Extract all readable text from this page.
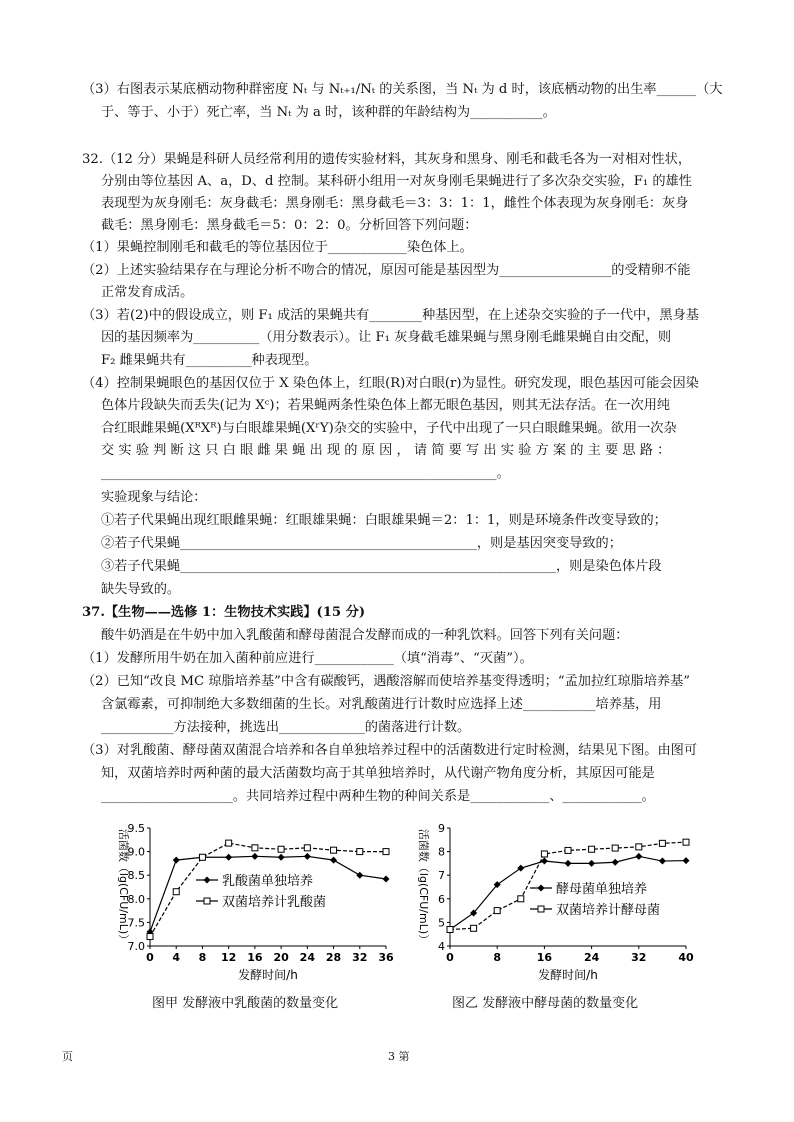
（3）右图表示某底栖动物种群密度 Nₜ 与 Nₜ₊₁/Nₜ 的关系图，当 Nₜ 为 d 时，该底栖动物的出生率______（大
于、等于、小于）死亡率，当 Nₜ 为 a 时，该种群的年龄结构为___________。
32.（12 分）果蝇是科研人员经常利用的遗传实验材料，其灰身和黑身、刚毛和截毛各为一对相对性状，
分别由等位基因 A、a，D、d 控制。某科研小组用一对灰身刚毛果蝇进行了多次杂交实验，F₁ 的雄性
表现型为灰身刚毛：灰身截毛：黑身刚毛：黑身截毛＝3：3：1：1，雌性个体表现为灰身刚毛：灰身
截毛：黑身刚毛：黑身截毛＝5：0：2：0。分析回答下列问题：
（1）果蝇控制刚毛和截毛的等位基因位于____________染色体上。
（2）上述实验结果存在与理论分析不吻合的情况，原因可能是基因型为_________________的受精卵不能
正常发育成活。
（3）若(2)中的假设成立，则 F₁ 成活的果蝇共有________种基因型，在上述杂交实验的子一代中，黑身基
因的基因频率为__________（用分数表示）。让 F₁ 灰身截毛雄果蝇与黑身刚毛雌果蝇自由交配，则
F₂ 雌果蝇共有__________种表现型。
（4）控制果蝇眼色的基因仅位于 X 染色体上，红眼(R)对白眼(r)为显性。研究发现，眼色基因可能会因染
色体片段缺失而丢失(记为 Xᶜ)；若果蝇两条性染色体上都无眼色基因，则其无法存活。在一次用纯
合红眼雌果蝇(XᴿXᴿ)与白眼雄果蝇(XʳY)杂交的实验中，子代中出现了一只白眼雌果蝇。欲用一次杂
交 实 验 判 断 这 只 白 眼 雌 果 蝇 出 现 的 原 因 ， 请 简 要 写 出 实 验 方 案 的 主 要 思 路 ：
____________________________________________________________。
实验现象与结论：
①若子代果蝇出现红眼雌果蝇：红眼雄果蝇：白眼雄果蝇＝2：1：1，则是环境条件改变导致的；
②若子代果蝇_____________________________________________，则是基因突变导致的；
③若子代果蝇_________________________________________________________，则是染色体片段
缺失导致的。
37.【生物——选修 1：生物技术实践】(15 分)
酸牛奶酒是在牛奶中加入乳酸菌和酵母菌混合发酵而成的一种乳饮料。回答下列有关问题：
（1）发酵所用牛奶在加入菌种前应进行____________（填“消毒”、“灭菌”）。
（2）已知“改良 MC 琼脂培养基”中含有碳酸钙，遇酸溶解而使培养基变得透明；“孟加拉红琼脂培养基”
含氯霉素，可抑制绝大多数细菌的生长。对乳酸菌进行计数时应选择上述___________培养基，用
___________方法接种，挑选出_____________的菌落进行计数。
（3）对乳酸菌、酵母菌双菌混合培养和各自单独培养过程中的活菌数进行定时检测，结果见下图。由图可
知，双菌培养时两种菌的最大活菌数均高于其单独培养时，从代谢产物角度分析，其原因可能是
____________________。共同培养过程中两种生物的种间关系是____________、____________。
7.0
7.5
8.0
8.5
9.0
9.5
0 4 8 12 16 20 24 28 32 36
发酵时间/h
活菌数（lg(CFU/mL)）	乳酸菌单独培养
双菌培养计乳酸菌
图甲 发酵液中乳酸菌的数量变化
4
5
6
7
8
9
0	8	16	24	32	40
发酵时间/h
活菌数（lg(CFU/mL)）	酵母菌单独培养
双菌培养计酵母菌
图乙 发酵液中酵母菌的数量变化
页	3 第
